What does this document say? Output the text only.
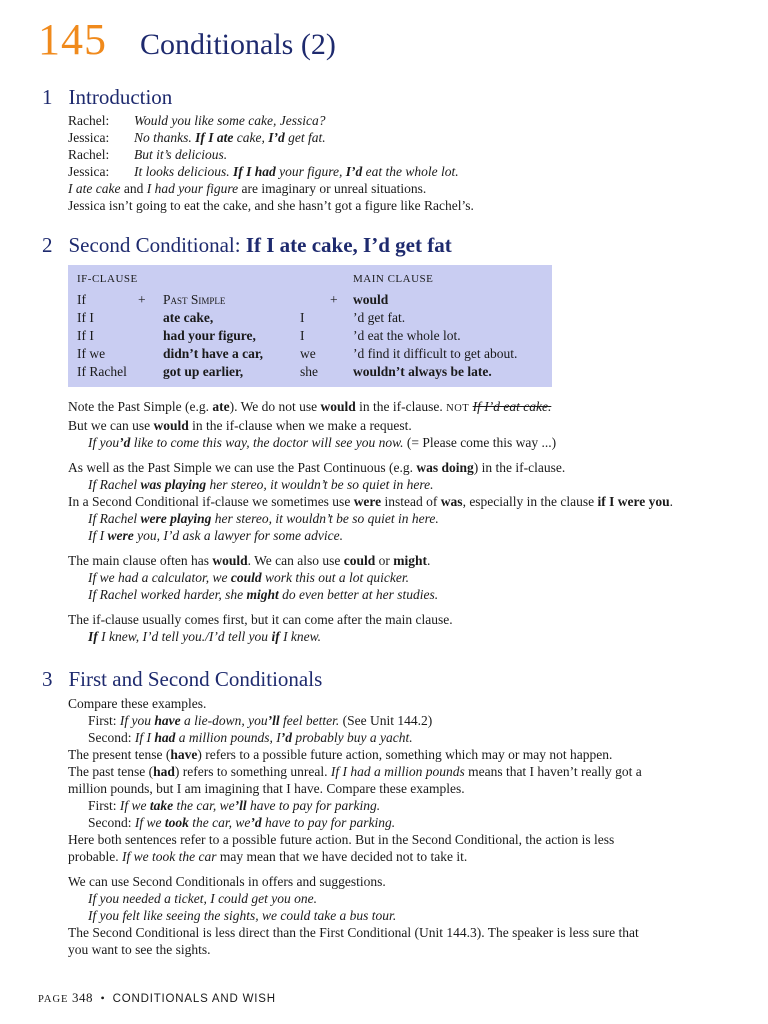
145 Conditionals (2)
1 Introduction
Rachel: Would you like some cake, Jessica?
Jessica: No thanks. If I ate cake, I’d get fat.
Rachel: But it’s delicious.
Jessica: It looks delicious. If I had your figure, I’d eat the whole lot.
I ate cake and I had your figure are imaginary or unreal situations.
Jessica isn’t going to eat the cake, and she hasn’t got a figure like Rachel’s.
2 Second Conditional: If I ate cake, I’d get fat
IF-CLAUSE	MAIN CLAUSE
If	+ Past Simple	+ would
If I	ate cake,	I	’d get fat.
If I	had your figure,	I	’d eat the whole lot.
If we	didn’t have a car,	we	’d find it difficult to get about.
If Rachel	got up earlier,	she	wouldn’t always be late.
Note the Past Simple (e.g. ate). We do not use would in the if-clause. NOT If I’d eat cake.
But we can use would in the if-clause when we make a request.
If you’d like to come this way, the doctor will see you now. (= Please come this way ...)
As well as the Past Simple we can use the Past Continuous (e.g. was doing) in the if-clause.
If Rachel was playing her stereo, it wouldn’t be so quiet in here.
In a Second Conditional if-clause we sometimes use were instead of was, especially in the clause if I were you.
If Rachel were playing her stereo, it wouldn’t be so quiet in here.
If I were you, I’d ask a lawyer for some advice.
The main clause often has would. We can also use could or might.
If we had a calculator, we could work this out a lot quicker.
If Rachel worked harder, she might do even better at her studies.
The if-clause usually comes first, but it can come after the main clause.
If I knew, I’d tell you./I’d tell you if I knew.
3 First and Second Conditionals
Compare these examples.
First: If you have a lie-down, you’ll feel better. (See Unit 144.2)
Second: If I had a million pounds, I’d probably buy a yacht.
The present tense (have) refers to a possible future action, something which may or may not happen.
The past tense (had) refers to something unreal. If I had a million pounds means that I haven’t really got a
million pounds, but I am imagining that I have. Compare these examples.
First: If we take the car, we’ll have to pay for parking.
Second: If we took the car, we’d have to pay for parking.
Here both sentences refer to a possible future action. But in the Second Conditional, the action is less
probable. If we took the car may mean that we have decided not to take it.
We can use Second Conditionals in offers and suggestions.
If you needed a ticket, I could get you one.
If you felt like seeing the sights, we could take a bus tour.
The Second Conditional is less direct than the First Conditional (Unit 144.3). The speaker is less sure that
you want to see the sights.
PAGE 348 • CONDITIONALS AND WISH
